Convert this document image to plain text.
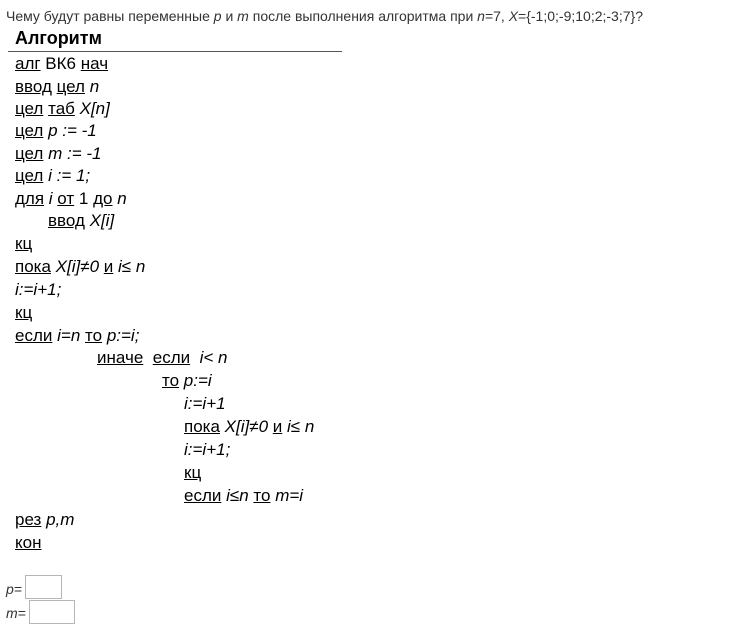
Чему будут равны переменные p и m после выполнения алгоритма при n=7, X={-1;0;-9;10;2;-3;7}?
Алгоритм
алг ВК6 нач
ввод цел n
цел таб X[n]
цел p := -1
цел m := -1
цел i := 1;
для i от 1 до n
ввод X[i]
кц
пока X[i]≠0 и i≤ n
i:=i+1;
кц
если i=n то p:=i;
иначе если i< n
то p:=i
i:=i+1
пока X[i]≠0 и i≤ n
i:=i+1;
кц
если i≤n то m=i
рез p,m
кон
p=
m=
